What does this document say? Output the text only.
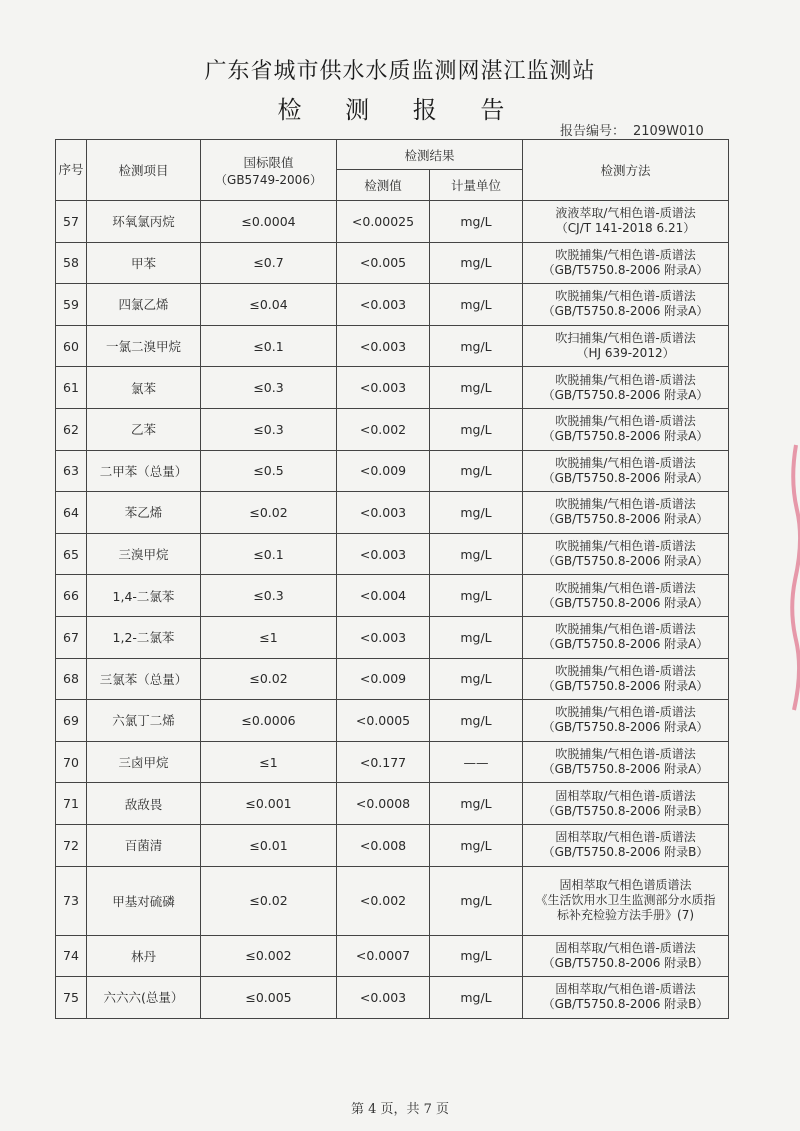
广东省城市供水水质监测网湛江监测站
检 测 报 告
报告编号： 2109W010
序号	检测项目	国标限值
（GB5749-2006）	检测结果		检测方法
			检测值	计量单位	
57	环氧氯丙烷	≤0.0004	<0.00025	mg/L	液液萃取/气相色谱-质谱法
（CJ/T 141-2018 6.21）

58	甲苯	≤0.7	<0.005	mg/L	吹脱捕集/气相色谱-质谱法
（GB/T5750.8-2006 附录A）

59	四氯乙烯	≤0.04	<0.003	mg/L	吹脱捕集/气相色谱-质谱法
（GB/T5750.8-2006 附录A）

60	一氯二溴甲烷	≤0.1	<0.003	mg/L	吹扫捕集/气相色谱-质谱法
（HJ 639-2012）

61	氯苯	≤0.3	<0.003	mg/L	吹脱捕集/气相色谱-质谱法
（GB/T5750.8-2006 附录A）

62	乙苯	≤0.3	<0.002	mg/L	吹脱捕集/气相色谱-质谱法
（GB/T5750.8-2006 附录A）

63	二甲苯（总量）	≤0.5	<0.009	mg/L	吹脱捕集/气相色谱-质谱法
（GB/T5750.8-2006 附录A）

64	苯乙烯	≤0.02	<0.003	mg/L	吹脱捕集/气相色谱-质谱法
（GB/T5750.8-2006 附录A）

65	三溴甲烷	≤0.1	<0.003	mg/L	吹脱捕集/气相色谱-质谱法
（GB/T5750.8-2006 附录A）

66	1,4-二氯苯	≤0.3	<0.004	mg/L	吹脱捕集/气相色谱-质谱法
（GB/T5750.8-2006 附录A）

67	1,2-二氯苯	≤1	<0.003	mg/L	吹脱捕集/气相色谱-质谱法
（GB/T5750.8-2006 附录A）

68	三氯苯（总量）	≤0.02	<0.009	mg/L	吹脱捕集/气相色谱-质谱法
（GB/T5750.8-2006 附录A）

69	六氯丁二烯	≤0.0006	<0.0005	mg/L	吹脱捕集/气相色谱-质谱法
（GB/T5750.8-2006 附录A）

70	三卤甲烷	≤1	<0.177	——	吹脱捕集/气相色谱-质谱法
（GB/T5750.8-2006 附录A）

71	敌敌畏	≤0.001	<0.0008	mg/L	固相萃取/气相色谱-质谱法
（GB/T5750.8-2006 附录B）

72	百菌清	≤0.01	<0.008	mg/L	固相萃取/气相色谱-质谱法
（GB/T5750.8-2006 附录B）

73	甲基对硫磷	≤0.02	<0.002	mg/L	固相萃取气相色谱质谱法
《生活饮用水卫生监测部分水质指
标补充检验方法手册》(7)

74	林丹	≤0.002	<0.0007	mg/L	固相萃取/气相色谱-质谱法
（GB/T5750.8-2006 附录B）

75	六六六(总量）	≤0.005	<0.003	mg/L	固相萃取/气相色谱-质谱法
（GB/T5750.8-2006 附录B）
第 4 页，共 7 页
